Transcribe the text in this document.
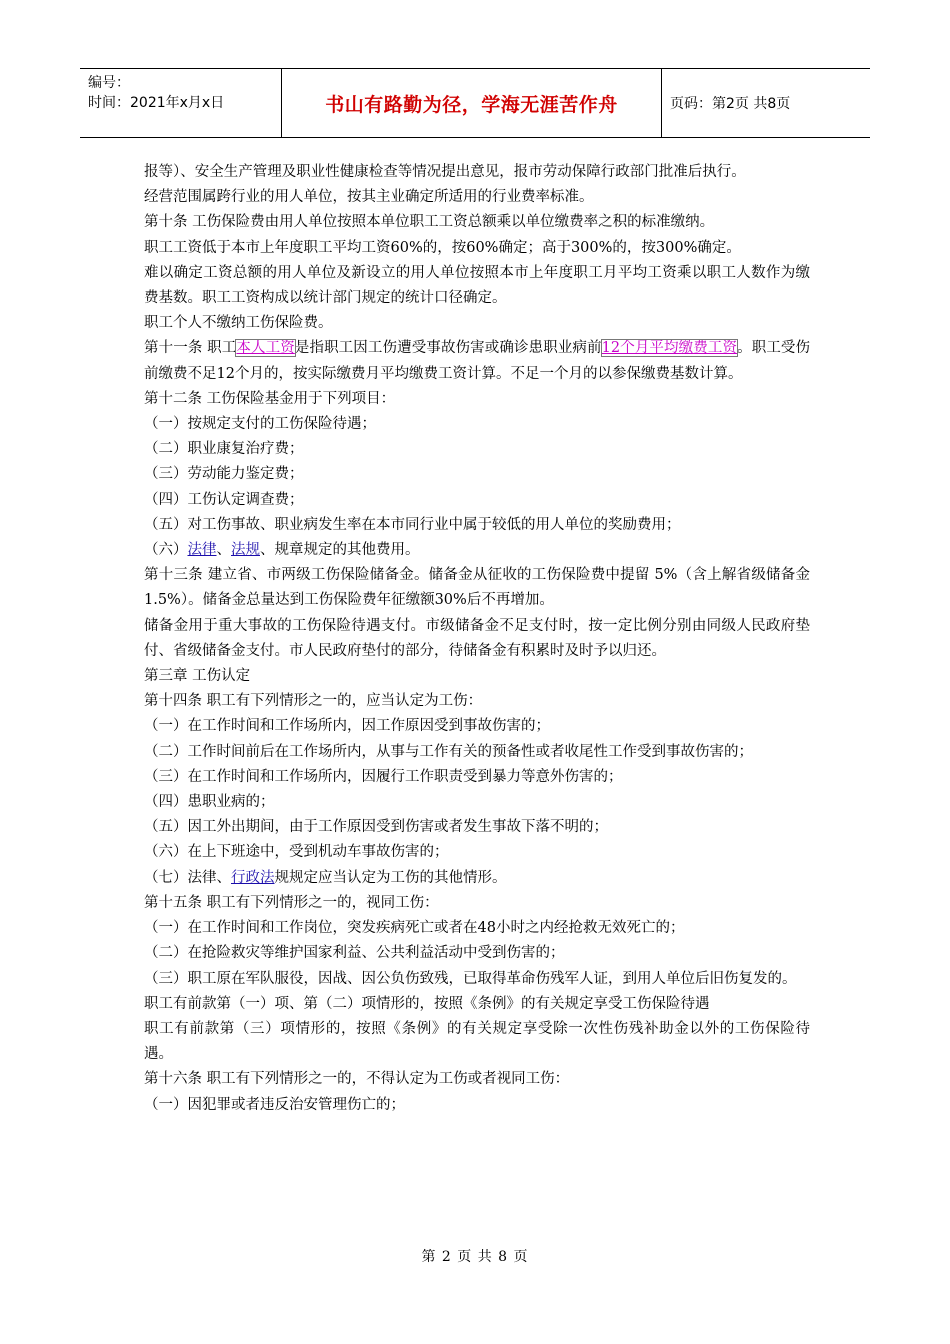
编号：
时间：2021年x月x日	书山有路勤为径，学海无涯苦作舟	页码：第2页 共8页

报等）、安全生产管理及职业性健康检查等情况提出意见，报市劳动保障行政部门批准后执行。

经营范围属跨行业的用人单位，按其主业确定所适用的行业费率标准。

第十条 工伤保险费由用人单位按照本单位职工工资总额乘以单位缴费率之积的标准缴纳。

职工工资低于本市上年度职工平均工资60%的，按60%确定；高于300%的，按300%确定。

难以确定工资总额的用人单位及新设立的用人单位按照本市上年度职工月平均工资乘以职工人数作为缴费基数。职工工资构成以统计部门规定的统计口径确定。

职工个人不缴纳工伤保险费。

第十一条 职工本人工资是指职工因工伤遭受事故伤害或确诊患职业病前12个月平均缴费工资。职工受伤前缴费不足12个月的，按实际缴费月平均缴费工资计算。不足一个月的以参保缴费基数计算。

第十二条 工伤保险基金用于下列项目：

（一）按规定支付的工伤保险待遇；

（二）职业康复治疗费；

（三）劳动能力鉴定费；

（四）工伤认定调查费；

（五）对工伤事故、职业病发生率在本市同行业中属于较低的用人单位的奖励费用；

（六）法律、法规、规章规定的其他费用。

第十三条 建立省、市两级工伤保险储备金。储备金从征收的工伤保险费中提留 5%（含上解省级储备金1.5%）。储备金总量达到工伤保险费年征缴额30%后不再增加。

储备金用于重大事故的工伤保险待遇支付。市级储备金不足支付时，按一定比例分别由同级人民政府垫付、省级储备金支付。市人民政府垫付的部分，待储备金有积累时及时予以归还。

第三章 工伤认定

第十四条 职工有下列情形之一的，应当认定为工伤：

（一）在工作时间和工作场所内，因工作原因受到事故伤害的；

（二）工作时间前后在工作场所内，从事与工作有关的预备性或者收尾性工作受到事故伤害的；

（三）在工作时间和工作场所内，因履行工作职责受到暴力等意外伤害的；

（四）患职业病的；

（五）因工外出期间，由于工作原因受到伤害或者发生事故下落不明的；

（六）在上下班途中，受到机动车事故伤害的；

（七）法律、行政法规规定应当认定为工伤的其他情形。

第十五条 职工有下列情形之一的，视同工伤：

（一）在工作时间和工作岗位，突发疾病死亡或者在48小时之内经抢救无效死亡的；

（二）在抢险救灾等维护国家利益、公共利益活动中受到伤害的；

（三）职工原在军队服役，因战、因公负伤致残，已取得革命伤残军人证，到用人单位后旧伤复发的。

职工有前款第（一）项、第（二）项情形的，按照《条例》的有关规定享受工伤保险待遇

职工有前款第（三）项情形的，按照《条例》的有关规定享受除一次性伤残补助金以外的工伤保险待遇。

第十六条 职工有下列情形之一的，不得认定为工伤或者视同工伤：

（一）因犯罪或者违反治安管理伤亡的；

第 2 页 共 8 页
